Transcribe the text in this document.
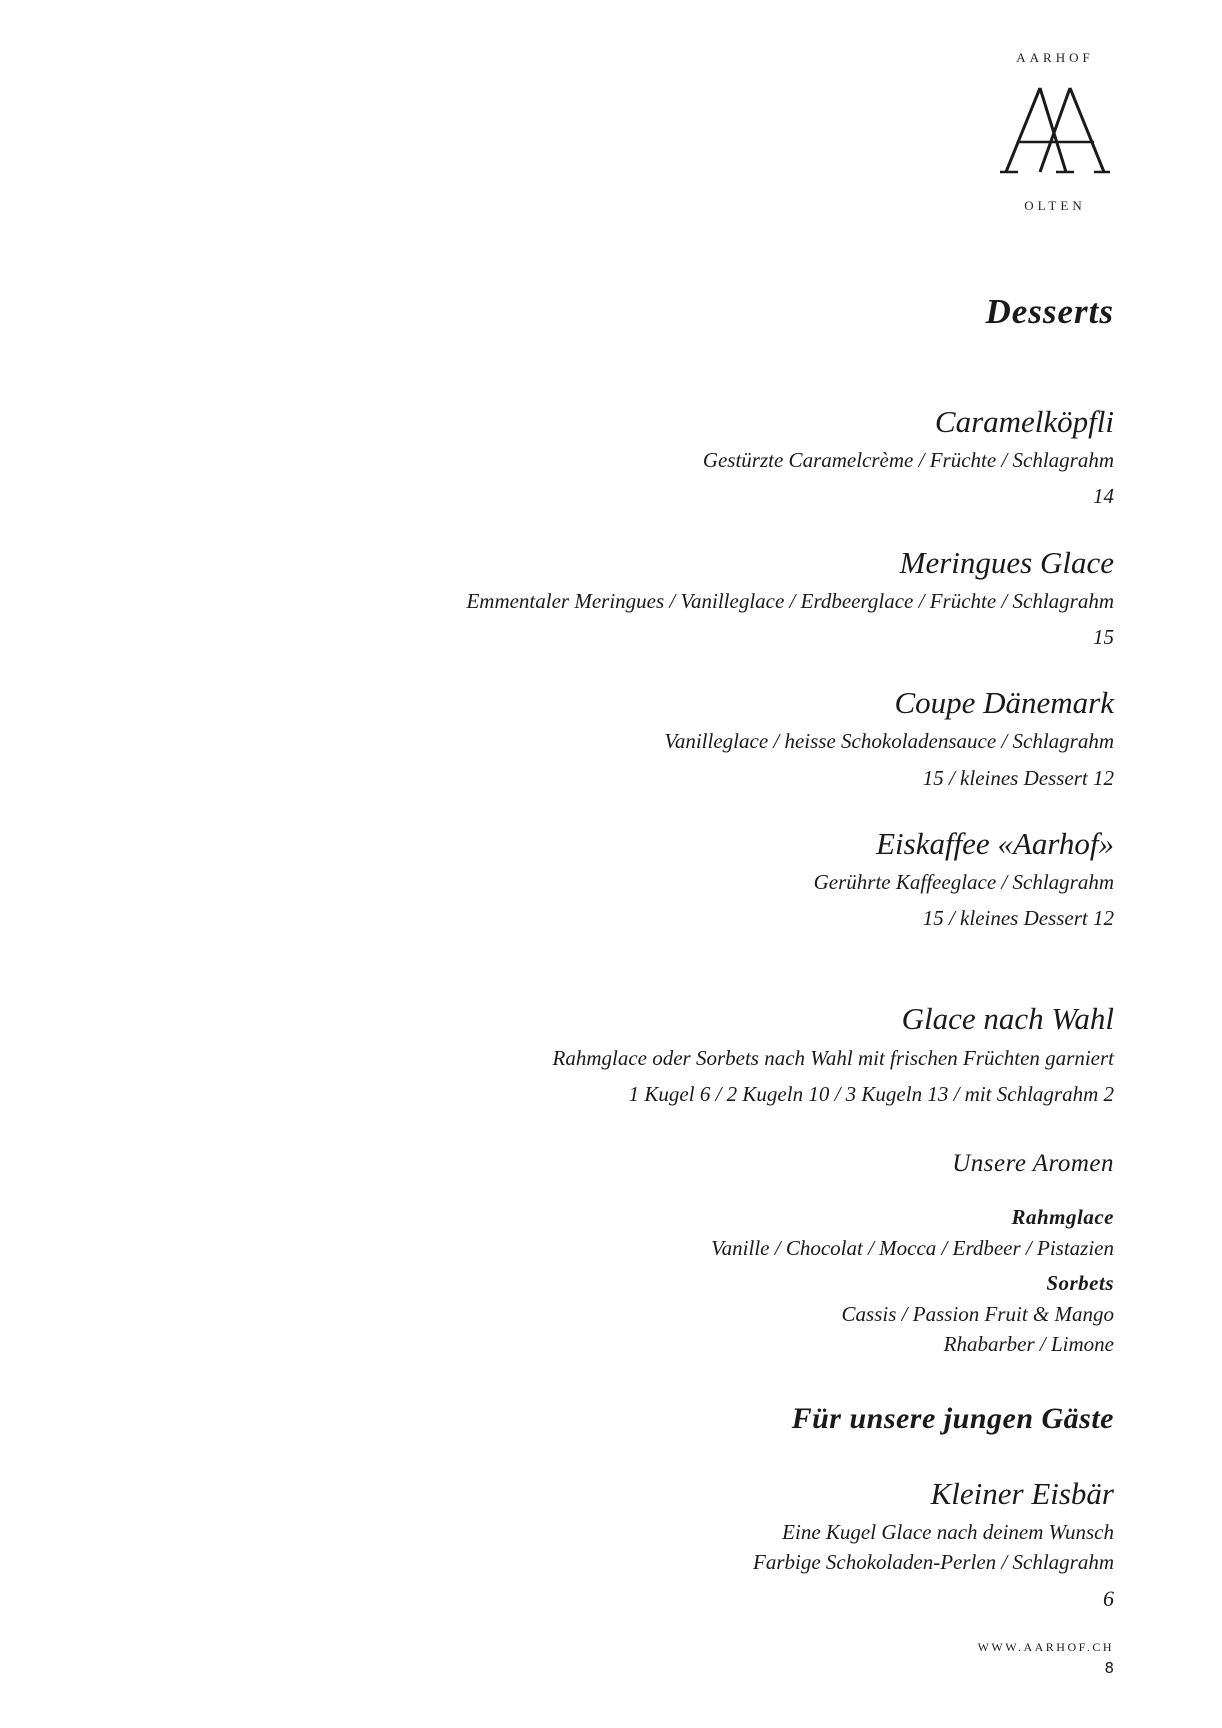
AARHOF
OLTEN
Desserts
Caramelköpfli
Gestürzte Caramelcrème / Früchte / Schlagrahm
14
Meringues Glace
Emmentaler Meringues / Vanilleglace / Erdbeerglace / Früchte / Schlagrahm
15
Coupe Dänemark
Vanilleglace / heisse Schokoladensauce / Schlagrahm
15 / kleines Dessert 12
Eiskaffee «Aarhof»
Gerührte Kaffeeglace / Schlagrahm
15 / kleines Dessert 12
Glace nach Wahl
Rahmglace oder Sorbets nach Wahl mit frischen Früchten garniert
1 Kugel 6 / 2 Kugeln 10 / 3 Kugeln 13 / mit Schlagrahm 2
Unsere Aromen
Rahmglace
Vanille / Chocolat / Mocca / Erdbeer / Pistazien
Sorbets
Cassis / Passion Fruit & Mango
Rhabarber / Limone
Für unsere jungen Gäste
Kleiner Eisbär
Eine Kugel Glace nach deinem Wunsch
Farbige Schokoladen-Perlen / Schlagrahm
6
WWW.AARHOF.CH
8
